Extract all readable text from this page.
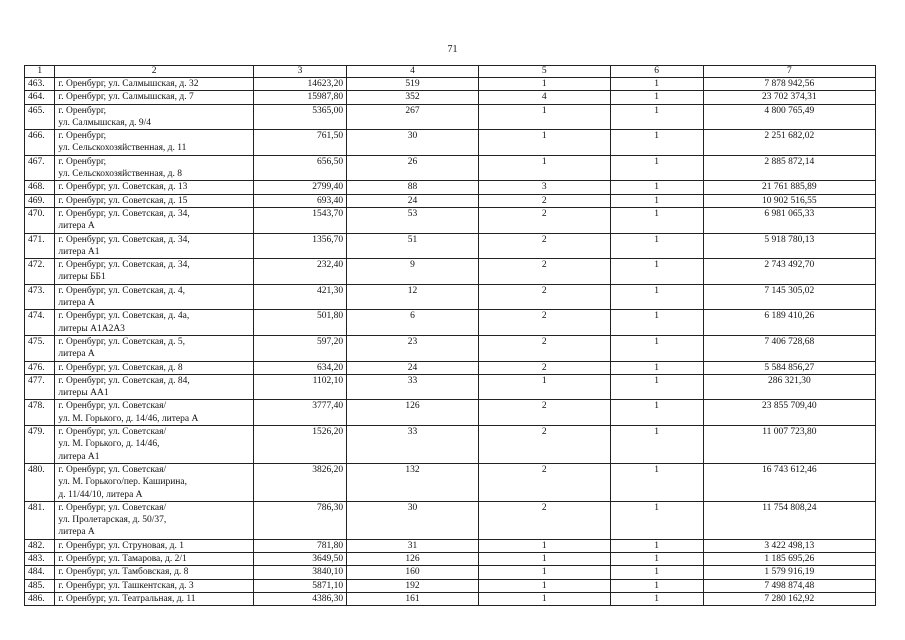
71
1	2	3	4	5	6	7
463.	г. Оренбург, ул. Салмышская, д. 32	14623,20	519	1	1	7 878 942,56
464.	г. Оренбург, ул. Салмышская, д. 7	15987,80	352	4	1	23 702 374,31
465.	г. Оренбург,
ул. Салмышская, д. 9/4	5365,00	267	1	1	4 800 765,49
466.	г. Оренбург,
ул. Сельскохозяйственная, д. 11	761,50	30	1	1	2 251 682,02
467.	г. Оренбург,
ул. Сельскохозяйственная, д. 8	656,50	26	1	1	2 885 872,14
468.	г. Оренбург, ул. Советская, д. 13	2799,40	88	3	1	21 761 885,89
469.	г. Оренбург, ул. Советская, д. 15	693,40	24	2	1	10 902 516,55
470.	г. Оренбург, ул. Советская, д. 34,
литера А	1543,70	53	2	1	6 981 065,33
471.	г. Оренбург, ул. Советская, д. 34,
литера А1	1356,70	51	2	1	5 918 780,13
472.	г. Оренбург, ул. Советская, д. 34,
литеры ББ1	232,40	9	2	1	2 743 492,70
473.	г. Оренбург, ул. Советская, д. 4,
литера А	421,30	12	2	1	7 145 305,02
474.	г. Оренбург, ул. Советская, д. 4а,
литеры А1А2А3	501,80	6	2	1	6 189 410,26
475.	г. Оренбург, ул. Советская, д. 5,
литера А	597,20	23	2	1	7 406 728,68
476.	г. Оренбург, ул. Советская, д. 8	634,20	24	2	1	5 584 856,27
477.	г. Оренбург, ул. Советская, д. 84,
литеры АА1	1102,10	33	1	1	286 321,30
478.	г. Оренбург, ул. Советская/
ул. М. Горького, д. 14/46, литера А	3777,40	126	2	1	23 855 709,40
479.	г. Оренбург, ул. Советская/
ул. М. Горького, д. 14/46,
литера А1	1526,20	33	2	1	11 007 723,80
480.	г. Оренбург, ул. Советская/
ул. М. Горького/пер. Каширина,
д. 11/44/10, литера А	3826,20	132	2	1	16 743 612,46
481.	г. Оренбург, ул. Советская/
ул. Пролетарская, д. 50/37,
литера А	786,30	30	2	1	11 754 808,24
482.	г. Оренбург, ул. Струновая, д. 1	781,80	31	1	1	3 422 498,13
483.	г. Оренбург, ул. Тамарова, д. 2/1	3649,50	126	1	1	1 185 695,26
484.	г. Оренбург, ул. Тамбовская, д. 8	3840,10	160	1	1	1 579 916,19
485.	г. Оренбург, ул. Ташкентская, д. 3	5871,10	192	1	1	7 498 874,48
486.	г. Оренбург, ул. Театральная, д. 11	4386,30	161	1	1	7 280 162,92
